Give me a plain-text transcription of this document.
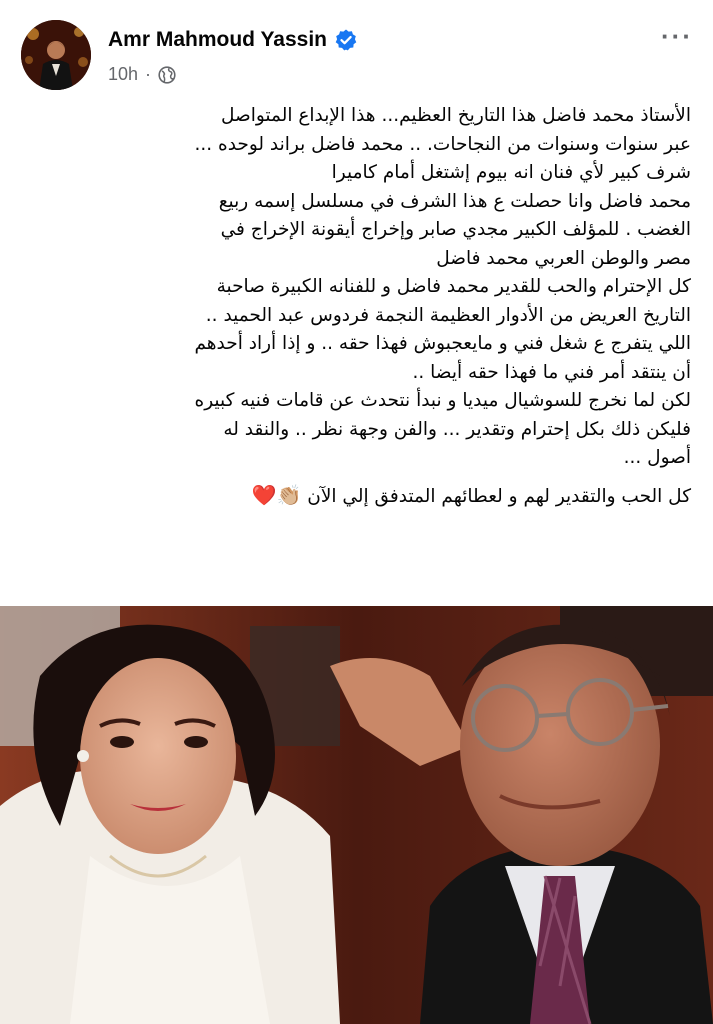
Amr Mahmoud Yassin
10h ·
···

الأستاذ محمد فاضل هذا التاريخ العظيم... هذا الإبداع المتواصل

عبر سنوات وسنوات من النجاحات. .. محمد فاضل براند لوحده ...

شرف كبير لأي فنان انه بيوم إشتغل أمام كاميرا

محمد فاضل وانا حصلت ع هذا الشرف في مسلسل إسمه ربيع

الغضب . للمؤلف الكبير مجدي صابر وإخراج أيقونة الإخراج في

مصر والوطن العربي محمد فاضل

كل الإحترام والحب للقدير محمد فاضل و للفنانه الكبيرة صاحبة

التاريخ العريض من الأدوار العظيمة النجمة فردوس عبد الحميد ..

اللي يتفرج ع شغل فني و مايعجبوش فهذا حقه .. و إذا أراد أحدهم

أن ينتقد أمر فني ما فهذا حقه أيضا ..

لكن لما نخرج للسوشيال ميديا و نبدأ نتحدث عن قامات فنيه كبيره

فليكن ذلك بكل إحترام وتقدير ... والفن وجهة نظر .. والنقد له

أصول ...

كل الحب والتقدير لهم و لعطائهم المتدفق إلي الآن 👏🏼❤️
